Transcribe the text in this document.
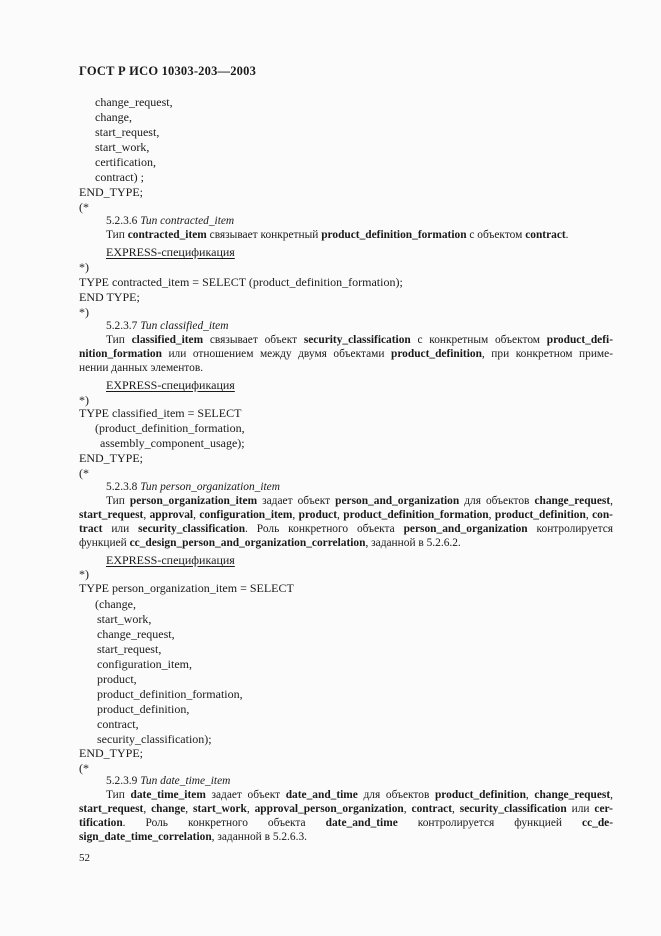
ГОСТ Р ИСО 10303-203—2003
change_request,
change,
start_request,
start_work,
certification,
contract) ;
END_TYPE;
(*
5.2.3.6 Tun contracted_item
Тип contracted_item связывает конкретный product_definition_formation с объектом contract.
EXPRESS-спецификация
*)
TYPE contracted_item = SELECT (product_definition_formation);
END TYPE;
*)
5.2.3.7 Tun classified_item
Тип classified_item связывает объект security_classification с конкретным объектом product_defi-
nition_formation или отношением между двумя объектами product_definition, при конкретном приме-
нении данных элементов.
EXPRESS-спецификация
*)
TYPE classified_item = SELECT
(product_definition_formation,
assembly_component_usage);
END_TYPE;
(*
5.2.3.8 Tun person_organization_item
Тип person_organization_item задает объект person_and_organization для объектов change_request,
start_request, approval, configuration_item, product, product_definition_formation, product_definition, con-
tract или security_classification. Роль конкретного объекта person_and_organization контролируется
функцией cc_design_person_and_organization_correlation, заданной в 5.2.6.2.
EXPRESS-спецификация
*)
TYPE person_organization_item = SELECT
(change,
start_work,
change_request,
start_request,
configuration_item,
product,
product_definition_formation,
product_definition,
contract,
security_classification);
END_TYPE;
(*
5.2.3.9 Tun date_time_item
Тип date_time_item задает объект date_and_time для объектов product_definition, change_request,
start_request, change, start_work, approval_person_organization, contract, security_classification или cer-
tification. Роль конкретного объекта date_and_time контролируется функцией cc_de-
sign_date_time_correlation, заданной в 5.2.6.3.
52
